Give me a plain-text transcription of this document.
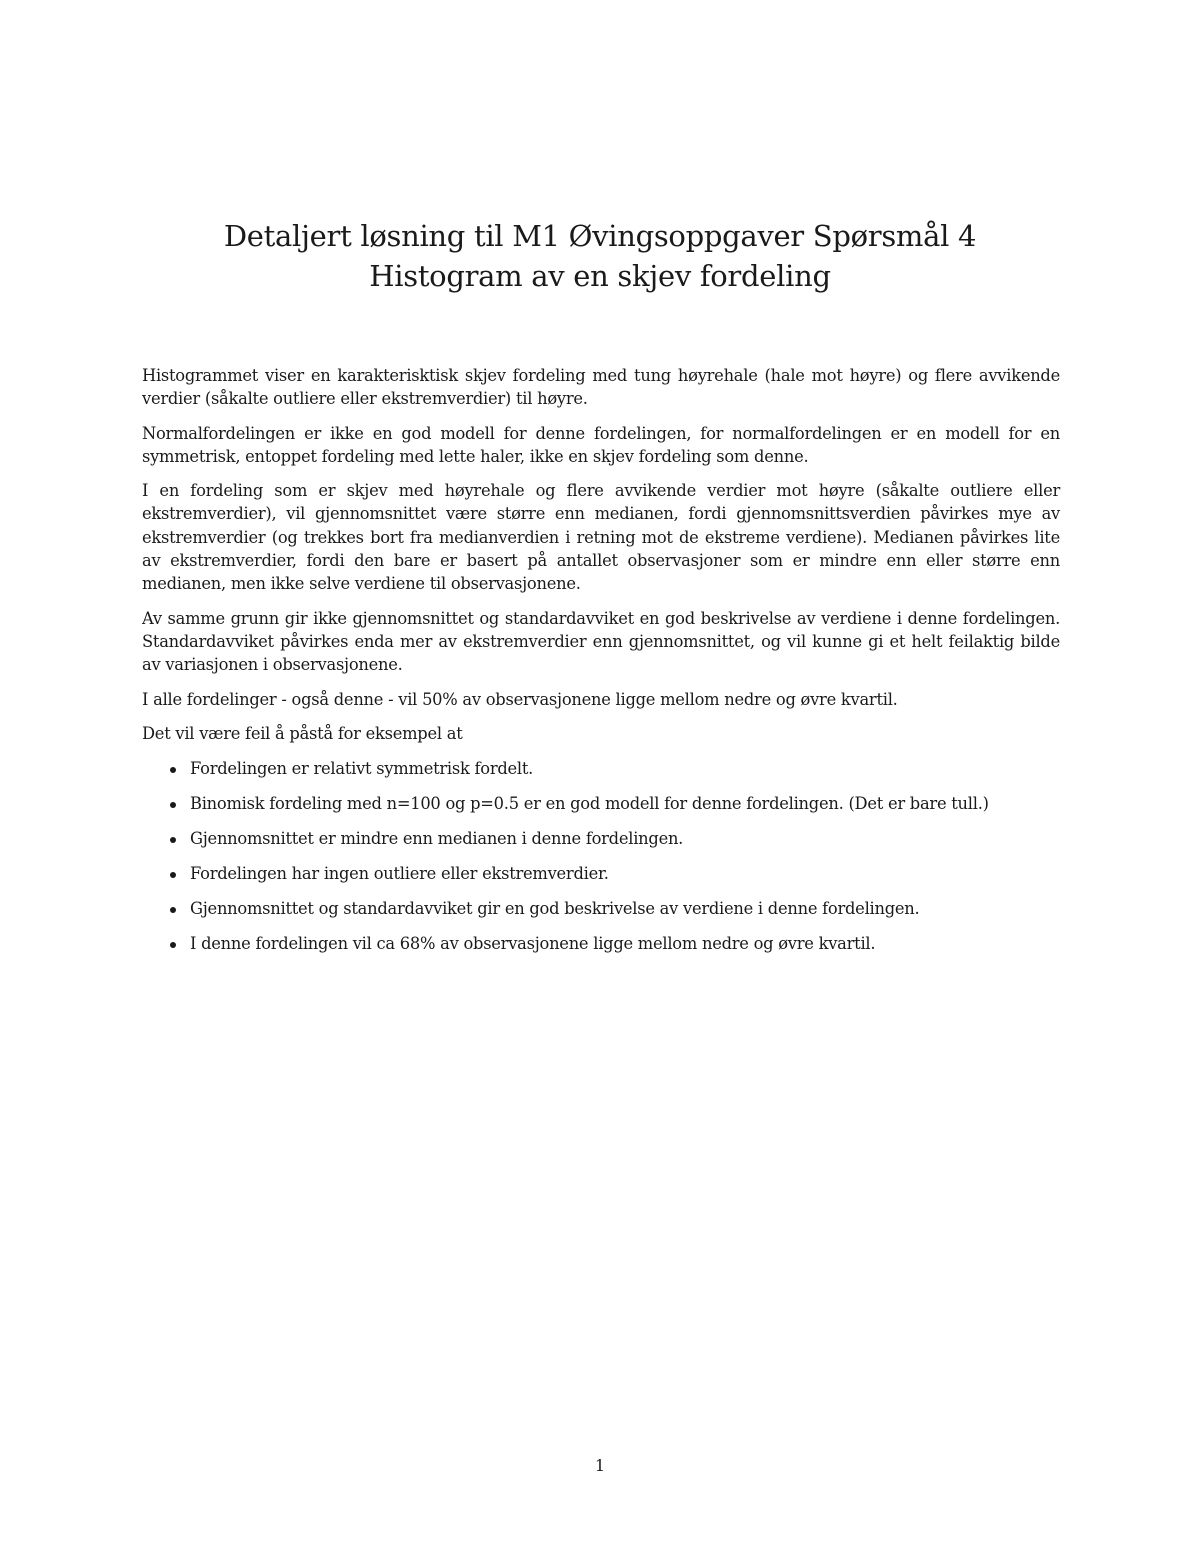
Detaljert løsning til M1 Øvingsoppgaver Spørsmål 4
Histogram av en skjev fordeling

Histogrammet viser en karakterisktisk skjev fordeling med tung høyrehale (hale mot høyre) og flere avvikende verdier (såkalte outliere eller ekstremverdier) til høyre.

Normalfordelingen er ikke en god modell for denne fordelingen, for normalfordelingen er en modell for en symmetrisk, entoppet fordeling med lette haler, ikke en skjev fordeling som denne.

I en fordeling som er skjev med høyrehale og flere avvikende verdier mot høyre (såkalte outliere eller ekstremverdier), vil gjennomsnittet være større enn medianen, fordi gjennomsnittsverdien påvirkes mye av ekstremverdier (og trekkes bort fra medianverdien i retning mot de ekstreme verdiene). Medianen påvirkes lite av ekstremverdier, fordi den bare er basert på antallet observasjoner som er mindre enn eller større enn medianen, men ikke selve verdiene til observasjonene.

Av samme grunn gir ikke gjennomsnittet og standardavviket en god beskrivelse av verdiene i denne fordelingen. Standardavviket påvirkes enda mer av ekstremverdier enn gjennomsnittet, og vil kunne gi et helt feilaktig bilde av variasjonen i observasjonene.

I alle fordelinger - også denne - vil 50% av observasjonene ligge mellom nedre og øvre kvartil.

Det vil være feil å påstå for eksempel at

Fordelingen er relativt symmetrisk fordelt.
Binomisk fordeling med n=100 og p=0.5 er en god modell for denne fordelingen. (Det er bare tull.)
Gjennomsnittet er mindre enn medianen i denne fordelingen.
Fordelingen har ingen outliere eller ekstremverdier.
Gjennomsnittet og standardavviket gir en god beskrivelse av verdiene i denne fordelingen.
I denne fordelingen vil ca 68% av observasjonene ligge mellom nedre og øvre kvartil.
1
